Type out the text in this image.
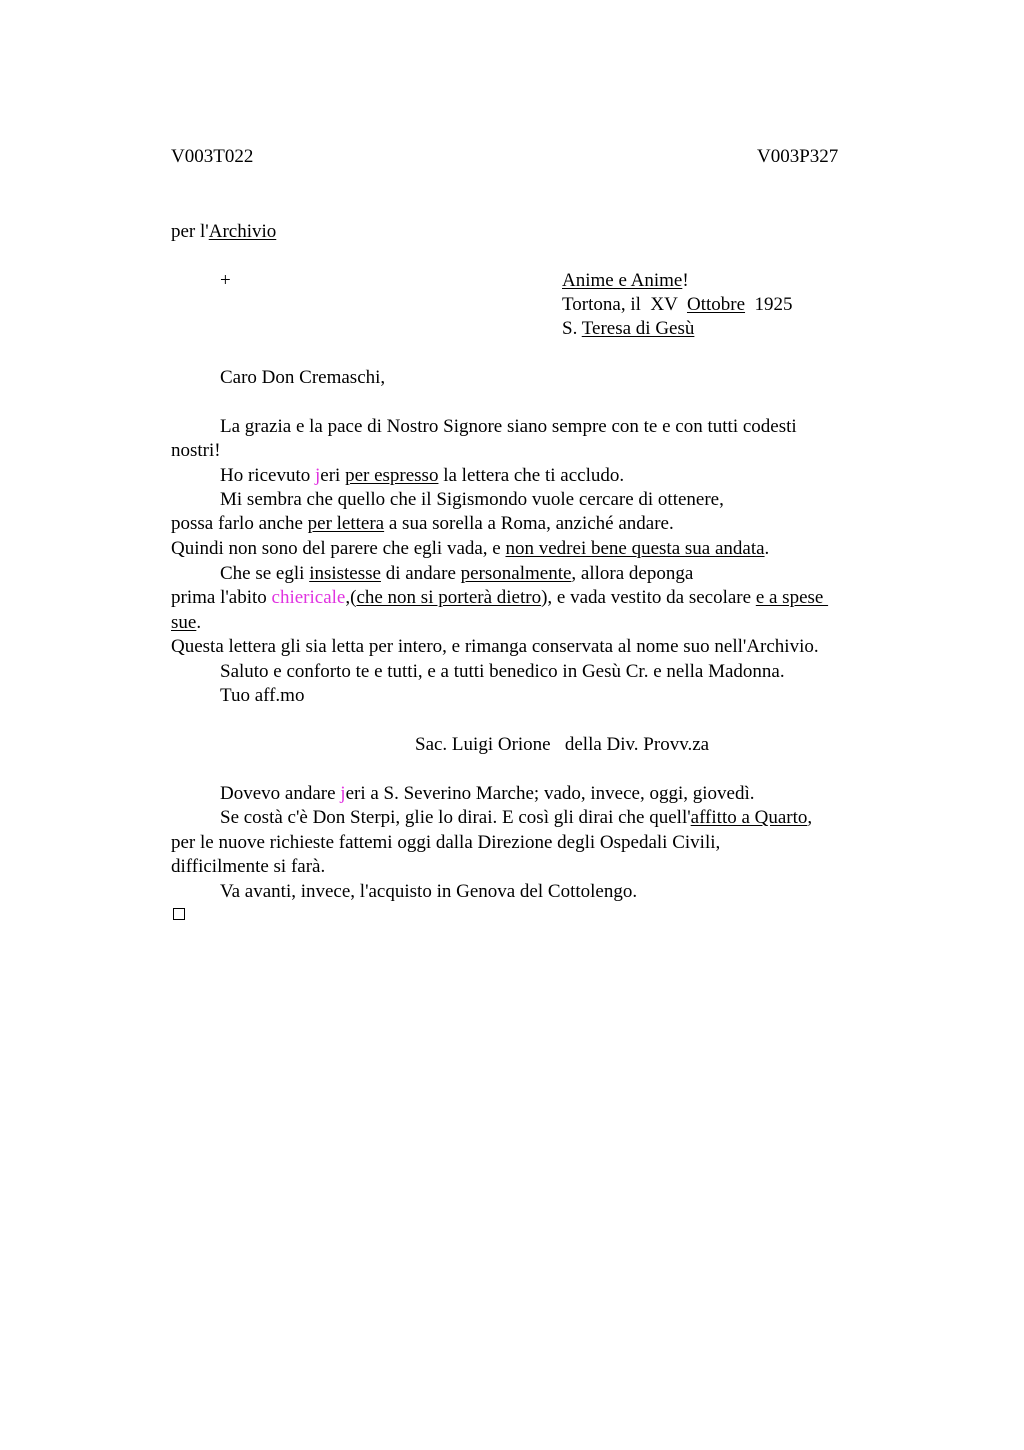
V003T022	V003P327
per l'Archivio
+	Anime e Anime!
Tortona, il  XV  Ottobre  1925
S. Teresa di Gesù
Caro Don Cremaschi,
La grazia e la pace di Nostro Signore siano sempre con te e con tutti codesti
nostri!
Ho ricevuto jeri per espresso la lettera che ti accludo.
Mi sembra che quello che il Sigismondo vuole cercare di ottenere,
possa farlo anche per lettera a sua sorella a Roma, anziché andare.
Quindi non sono del parere che egli vada, e non vedrei bene questa sua andata.
Che se egli insistesse di andare personalmente, allora deponga
prima l'abito chiericale,(che non si porterà dietro), e vada vestito da secolare e a spese
sue.
Questa lettera gli sia letta per intero, e rimanga conservata al nome suo nell'Archivio.
Saluto e conforto te e tutti, e a tutti benedico in Gesù Cr. e nella Madonna.
Tuo aff.mo
Sac. Luigi Orione   della Div. Provv.za
Dovevo andare jeri a S. Severino Marche; vado, invece, oggi, giovedì.
Se costà c'è Don Sterpi, glie lo dirai. E così gli dirai che quell'affitto a Quarto,
per le nuove richieste fattemi oggi dalla Direzione degli Ospedali Civili,
difficilmente si farà.
Va avanti, invece, l'acquisto in Genova del Cottolengo.
